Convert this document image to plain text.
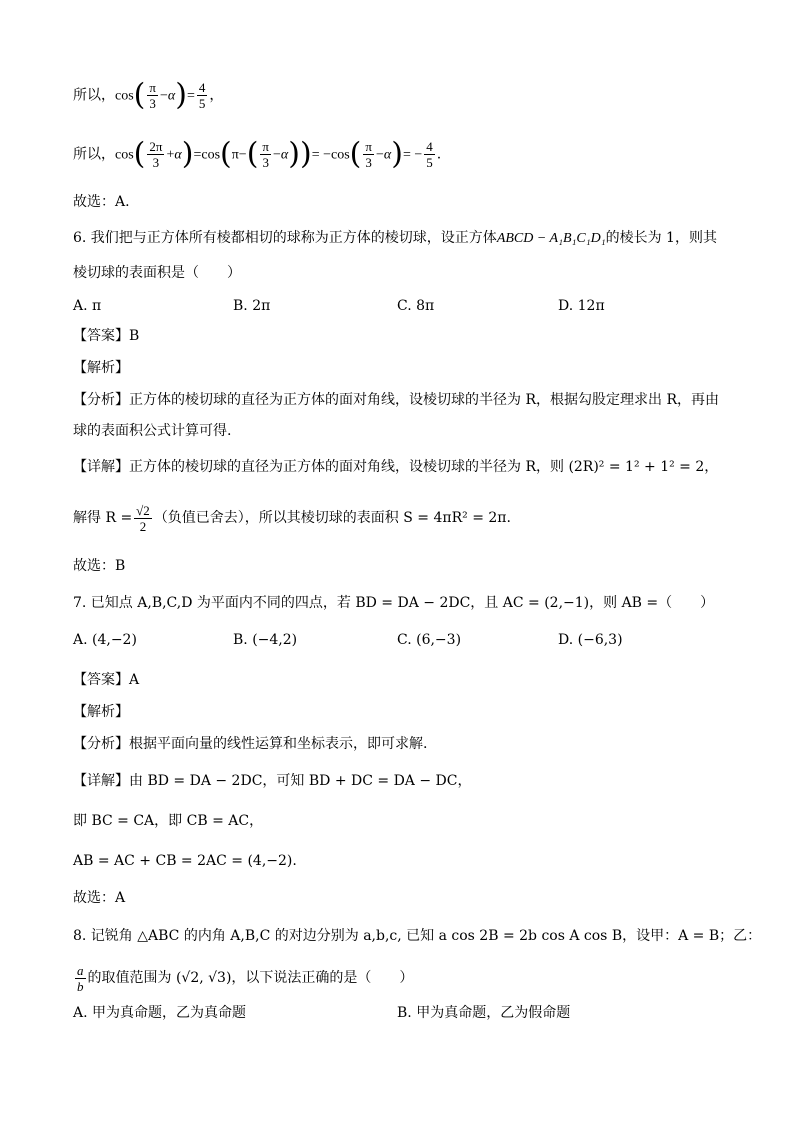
所以，$\cos( \frac{\pi}{3} -\alpha)= \frac{4}{5}$ ，
所以，$\cos( \frac{2\pi}{3} +\alpha)=\cos(\pi-( \frac{\pi}{3} -\alpha))= -\cos( \frac{\pi}{3} -\alpha)= - \frac{4}{5}$ .
故选：A.
6. 我们把与正方体所有棱都相切的球称为正方体的棱切球，设正方体ABCD − A₁B₁C₁D₁的棱长为 1，则其
棱切球的表面积是（　　）
A. π	B. 2π	C. 8π	D. 12π
【答案】B
【解析】
【分析】正方体的棱切球的直径为正方体的面对角线，设棱切球的半径为 R，根据勾股定理求出 R，再由
球的表面积公式计算可得.
【详解】正方体的棱切球的直径为正方体的面对角线，设棱切球的半径为 R，则 (2R)² = 1² + 1² = 2，
解得 $R = \frac{√2}{2}$ （负值已舍去），所以其棱切球的表面积 S = 4πR² = 2π.
故选：B
7. 已知点 A,B,C,D 为平面内不同的四点，若 BD = DA − 2DC，且 AC = (2,−1)，则 AB =（　　）
A. (4,−2)	B. (−4,2)	C. (6,−3)	D. (−6,3)
【答案】A
【解析】
【分析】根据平面向量的线性运算和坐标表示，即可求解.
【详解】由 BD = DA − 2DC，可知 BD + DC = DA − DC，
即 BC = CA，即 CB = AC，
AB = AC + CB = 2AC = (4,−2).
故选：A
8. 记锐角 △ABC 的内角 A,B,C 的对边分别为 a,b,c, 已知 a cos 2B = 2b cos A cos B，设甲：A = B；乙：
$\frac{a}{b}$ 的取值范围为 (√2, √3)，以下说法正确的是（　　）
A. 甲为真命题，乙为真命题	B. 甲为真命题，乙为假命题
